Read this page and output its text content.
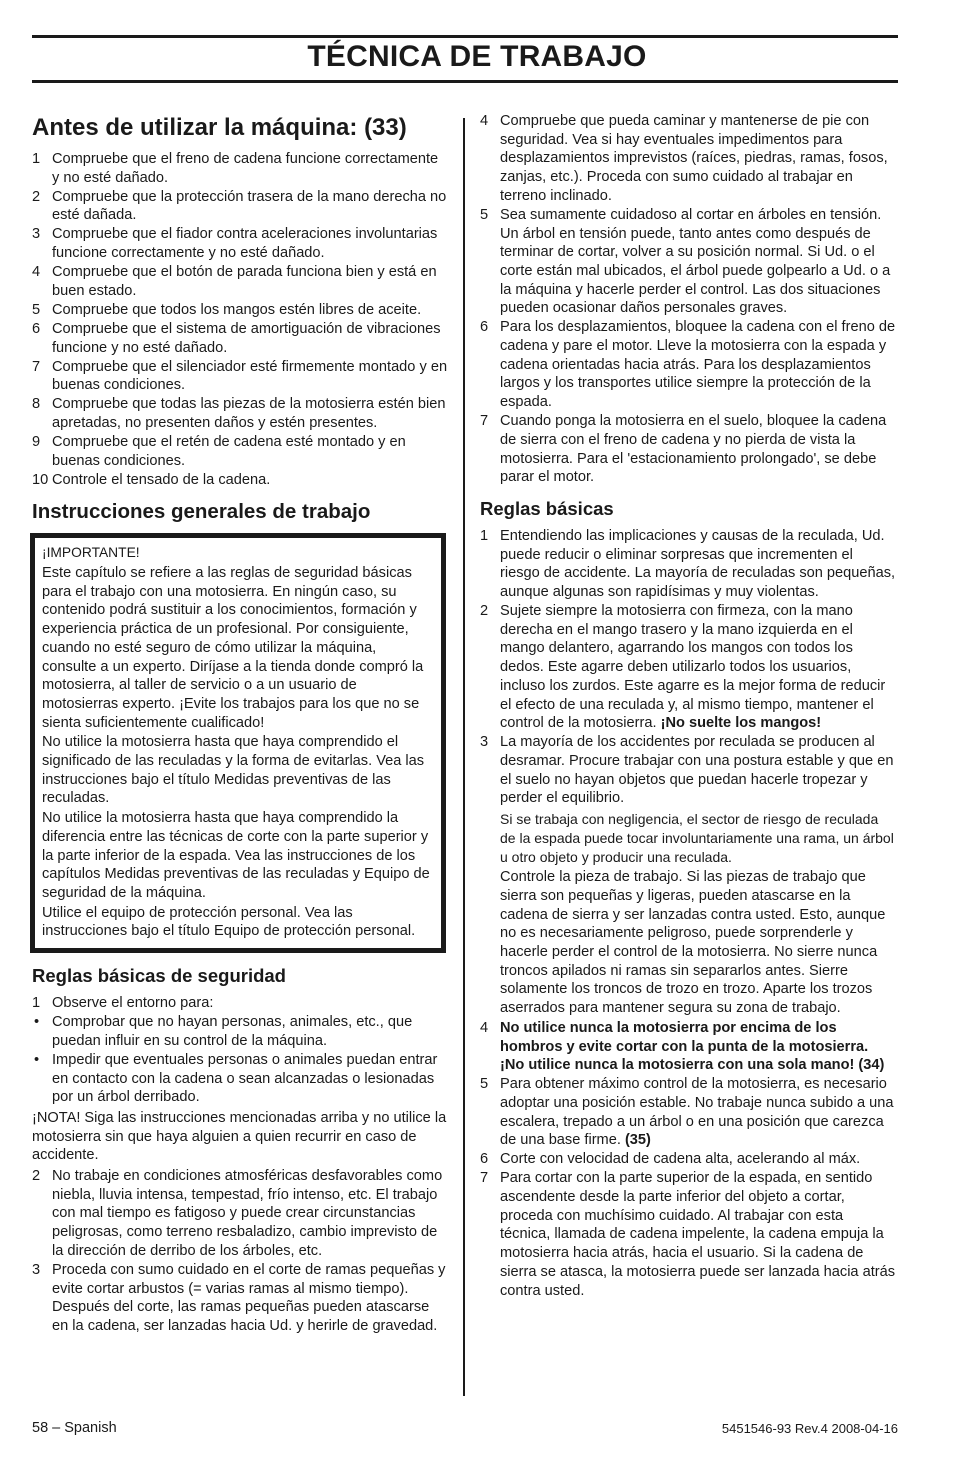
TÉCNICA DE TRABAJO
Antes de utilizar la máquina: (33)
1 Compruebe que el freno de cadena funcione correctamente y no esté dañado.
2 Compruebe que la protección trasera de la mano derecha no esté dañada.
3 Compruebe que el fiador contra aceleraciones involuntarias funcione correctamente y no esté dañado.
4 Compruebe que el botón de parada funciona bien y está en buen estado.
5 Compruebe que todos los mangos estén libres de aceite.
6 Compruebe que el sistema de amortiguación de vibraciones funcione y no esté dañado.
7 Compruebe que el silenciador esté firmemente montado y en buenas condiciones.
8 Compruebe que todas las piezas de la motosierra estén bien apretadas, no presenten daños y estén presentes.
9 Compruebe que el retén de cadena esté montado y en buenas condiciones.
10 Controle el tensado de la cadena.
Instrucciones generales de trabajo

¡IMPORTANTE!

Este capítulo se refiere a las reglas de seguridad básicas para el trabajo con una motosierra. En ningún caso, su contenido podrá sustituir a los conocimientos, formación y experiencia práctica de un profesional. Por consiguiente, cuando no esté seguro de cómo utilizar la máquina, consulte a un experto. Diríjase a la tienda donde compró la motosierra, al taller de servicio o a un usuario de motosierras experto. ¡Evite los trabajos para los que no se sienta suficientemente cualificado!

No utilice la motosierra hasta que haya comprendido el significado de las reculadas y la forma de evitarlas. Vea las instrucciones bajo el título Medidas preventivas de las reculadas.

No utilice la motosierra hasta que haya comprendido la diferencia entre las técnicas de corte con la parte superior y la parte inferior de la espada. Vea las instrucciones de los capítulos Medidas preventivas de las reculadas y Equipo de seguridad de la máquina.

Utilice el equipo de protección personal. Vea las instrucciones bajo el título Equipo de protección personal.

Reglas básicas de seguridad
1 Observe el entorno para:
• Comprobar que no hayan personas, animales, etc., que puedan influir en su control de la máquina.
• Impedir que eventuales personas o animales puedan entrar en contacto con la cadena o sean alcanzadas o lesionadas por un árbol derribado.

¡NOTA! Siga las instrucciones mencionadas arriba y no utilice la motosierra sin que haya alguien a quien recurrir en caso de accidente.

2 No trabaje en condiciones atmosféricas desfavorables como niebla, lluvia intensa, tempestad, frío intenso, etc. El trabajo con mal tiempo es fatigoso y puede crear circunstancias peligrosas, como terreno resbaladizo, cambio imprevisto de la dirección de derribo de los árboles, etc.
3 Proceda con sumo cuidado en el corte de ramas pequeñas y evite cortar arbustos (= varias ramas al mismo tiempo). Después del corte, las ramas pequeñas pueden atascarse en la cadena, ser lanzadas hacia Ud. y herirle de gravedad.
4 Compruebe que pueda caminar y mantenerse de pie con seguridad. Vea si hay eventuales impedimentos para desplazamientos imprevistos (raíces, piedras, ramas, fosos, zanjas, etc.). Proceda con sumo cuidado al trabajar en terreno inclinado.
5 Sea sumamente cuidadoso al cortar en árboles en tensión. Un árbol en tensión puede, tanto antes como después de terminar de cortar, volver a su posición normal. Si Ud. o el corte están mal ubicados, el árbol puede golpearlo a Ud. o a la máquina y hacerle perder el control. Las dos situaciones pueden ocasionar daños personales graves.
6 Para los desplazamientos, bloquee la cadena con el freno de cadena y pare el motor. Lleve la motosierra con la espada y cadena orientadas hacia atrás. Para los desplazamientos largos y los transportes utilice siempre la protección de la espada.
7 Cuando ponga la motosierra en el suelo, bloquee la cadena de sierra con el freno de cadena y no pierda de vista la motosierra. Para el 'estacionamiento prolongado', se debe parar el motor.
Reglas básicas
1 Entendiendo las implicaciones y causas de la reculada, Ud. puede reducir o eliminar sorpresas que incrementen el riesgo de accidente. La mayoría de reculadas son pequeñas, aunque algunas son rapidísimas y muy violentas.
2 Sujete siempre la motosierra con firmeza, con la mano derecha en el mango trasero y la mano izquierda en el mango delantero, agarrando los mangos con todos los dedos. Este agarre deben utilizarlo todos los usuarios, incluso los zurdos. Este agarre es la mejor forma de reducir el efecto de una reculada y, al mismo tiempo, mantener el control de la motosierra. ¡No suelte los mangos!
3 La mayoría de los accidentes por reculada se producen al desramar. Procure trabajar con una postura estable y que en el suelo no hayan objetos que puedan hacerle tropezar y perder el equilibrio.

Si se trabaja con negligencia, el sector de riesgo de reculada de la espada puede tocar involuntariamente una rama, un árbol u otro objeto y producir una reculada.

Controle la pieza de trabajo. Si las piezas de trabajo que sierra son pequeñas y ligeras, pueden atascarse en la cadena de sierra y ser lanzadas contra usted. Esto, aunque no es necesariamente peligroso, puede sorprenderle y hacerle perder el control de la motosierra. No sierre nunca troncos apilados ni ramas sin separarlos antes. Sierre solamente los troncos de trozo en trozo. Aparte los trozos aserrados para mantener segura su zona de trabajo.

4 No utilice nunca la motosierra por encima de los hombros y evite cortar con la punta de la motosierra. ¡No utilice nunca la motosierra con una sola mano! (34)
5 Para obtener máximo control de la motosierra, es necesario adoptar una posición estable. No trabaje nunca subido a una escalera, trepado a un árbol o en una posición que carezca de una base firme. (35)
6 Corte con velocidad de cadena alta, acelerando al máx.
7 Para cortar con la parte superior de la espada, en sentido ascendente desde la parte inferior del objeto a cortar, proceda con muchísimo cuidado. Al trabajar con esta técnica, llamada de cadena impelente, la cadena empuja la motosierra hacia atrás, hacia el usuario. Si la cadena de sierra se atasca, la motosierra puede ser lanzada hacia atrás contra usted.
58 – Spanish	5451546-93 Rev.4 2008-04-16
